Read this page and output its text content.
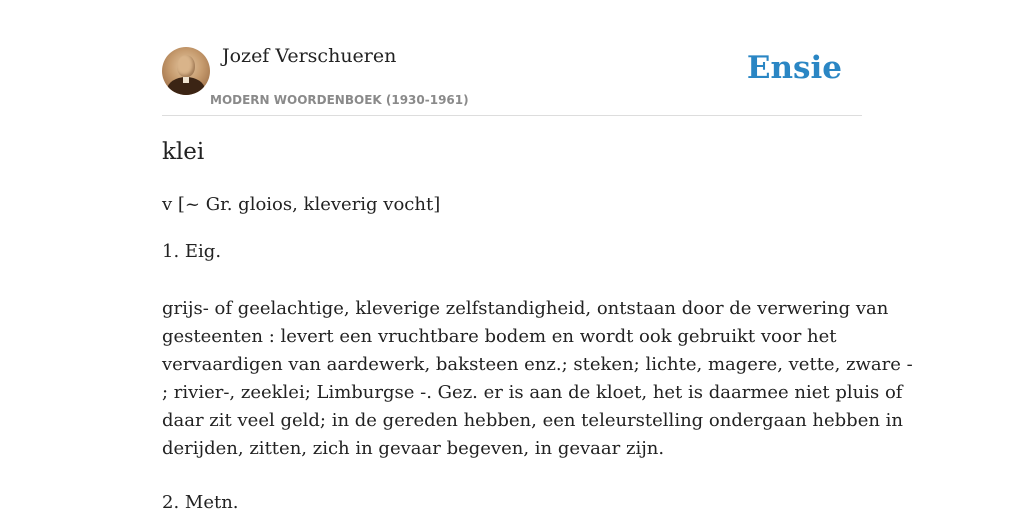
Jozef Verschueren
MODERN WOORDENBOEK (1930-1961)
Ensie
klei
v [~ Gr. gloios, kleverig vocht]
1. Eig.
grijs- of geelachtige, kleverige zelfstandigheid, ontstaan door de verwering van
gesteenten : levert een vruchtbare bodem en wordt ook gebruikt voor het
vervaardigen van aardewerk, baksteen enz.; steken; lichte, magere, vette, zware -
; rivier-, zeeklei; Limburgse -. Gez. er is aan de kloet, het is daarmee niet pluis of
daar zit veel geld; in de gereden hebben, een teleurstelling ondergaan hebben in
derijden, zitten, zich in gevaar begeven, in gevaar zijn.
2. Metn.
